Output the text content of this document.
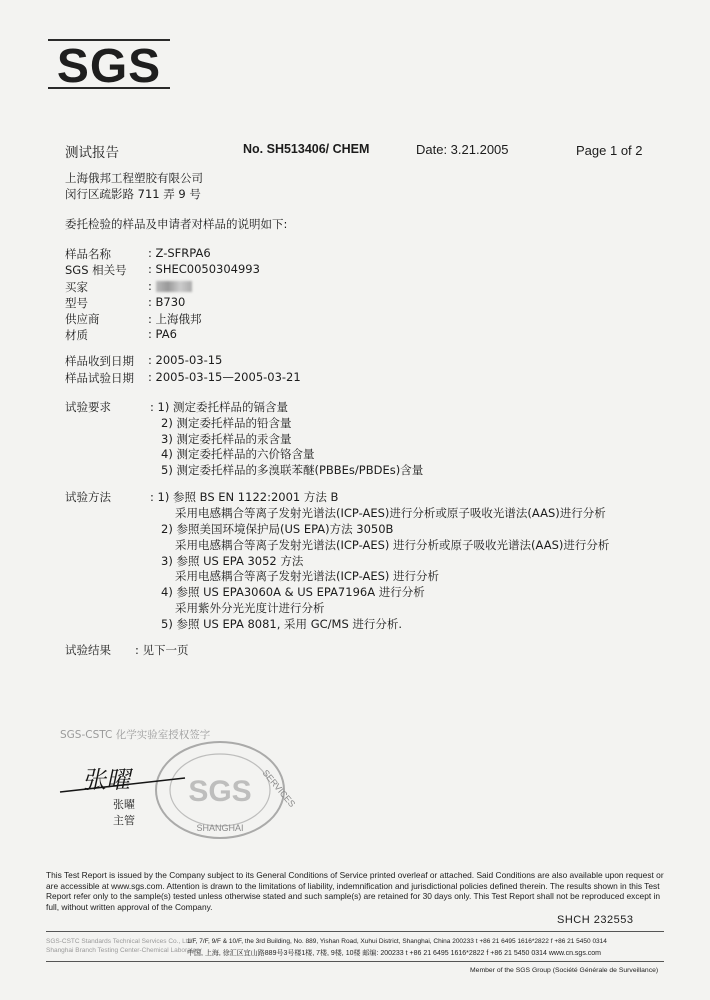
SGS
测试报告	No. SH513406/ CHEM	Date: 3.21.2005	Page 1 of 2
上海俄邦工程塑胶有限公司
闵行区疏影路 711 弄 9 号
委托检验的样品及申请者对样品的说明如下:
样品名称	: Z-SFRPA6
SGS 相关号 : SHEC0050304993
买家	:
型号	: B730
供应商	: 上海俄邦
材质	: PA6
样品收到日期 : 2005-03-15
样品试验日期 : 2005-03-15—2005-03-21
试验要求	: 1) 测定委托样品的镉含量
2) 测定委托样品的铅含量
3) 测定委托样品的汞含量
4) 测定委托样品的六价铬含量
5) 测定委托样品的多溴联苯醚(PBBEs/PBDEs)含量
试验方法	: 1) 参照 BS EN 1122:2001 方法 B
采用电感耦合等离子发射光谱法(ICP-AES)进行分析或原子吸收光谱法(AAS)进行分析
2) 参照美国环境保护局(US EPA)方法 3050B
采用电感耦合等离子发射光谱法(ICP-AES) 进行分析或原子吸收光谱法(AAS)进行分析
3) 参照 US EPA 3052 方法
采用电感耦合等离子发射光谱法(ICP-AES) 进行分析
4) 参照 US EPA3060A & US EPA7196A 进行分析
采用紫外分光光度计进行分析
5) 参照 US EPA 8081, 采用 GC/MS 进行分析.
试验结果 : 见下一页
SGS-CSTC 化学实验室授权签字
SERVICES
SGS
SHANGHAI
张曜
张曜
主管
This Test Report is issued by the Company subject to its General Conditions of Service printed overleaf or attached. Said Conditions are also available upon request or are accessible at www.sgs.com. Attention is drawn to the limitations of liability, indemnification and jurisdictional policies defined therein. The results shown in this Test Report refer only to the sample(s) tested unless otherwise stated and such sample(s) are retained for 30 days only. This Test Report shall not be reproduced except in full, without written approval of the Company.
SHCH 232553
SGS-CSTC Standards Technical Services Co., Ltd.
Shanghai Branch Testing Center-Chemical Laboratory
1/F, 7/F, 9/F & 10/F, the 3rd Building, No. 889, Yishan Road, Xuhui District, Shanghai, China 200233 t +86 21 6495 1616*2822 f +86 21 5450 0314
中国, 上海, 徐汇区宜山路889号3号楼1楼, 7楼, 9楼, 10楼 邮编: 200233 t +86 21 6495 1616*2822 f +86 21 5450 0314 www.cn.sgs.com
Member of the SGS Group (Société Générale de Surveillance)
